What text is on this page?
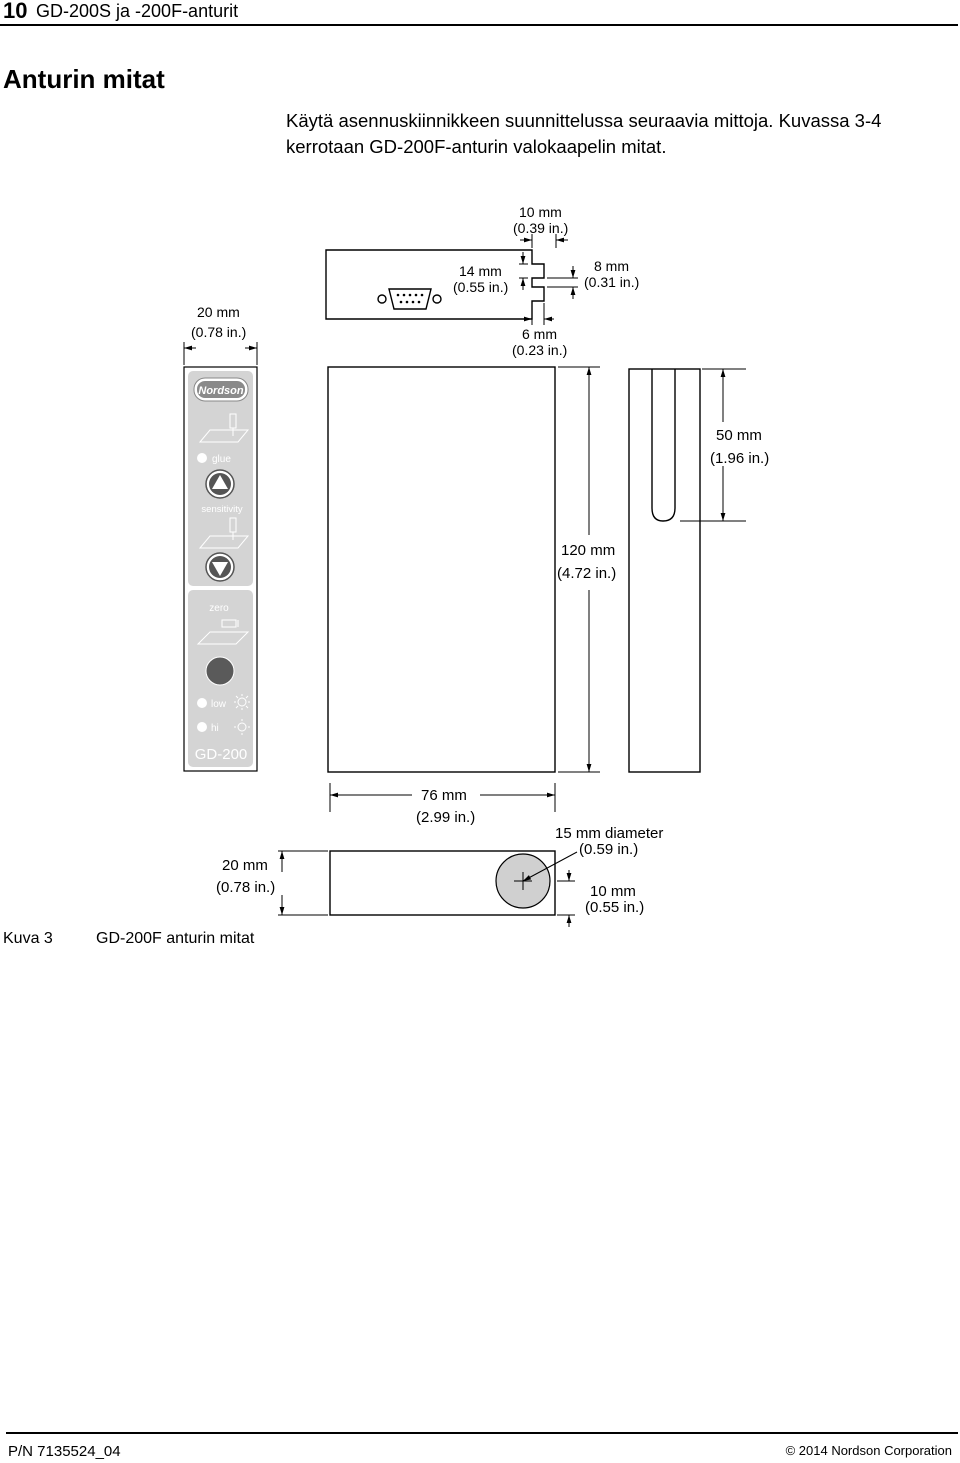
10 GD-200S ja -200F-anturit
Anturin mitat
Käytä asennuskiinnikkeen suunnittelussa seuraavia mittoja. Kuvassa 3-4 kerrotaan GD-200F-anturin valokaapelin mitat.
10 mm
(0.39 in.)
14 mm
(0.55 in.)
8 mm
(0.31 in.)
6 mm
(0.23 in.)
20 mm
(0.78 in.)
Nordson
glue
sensitivity
zero
low
hi
GD-200
120 mm
(4.72 in.)
50 mm
(1.96 in.)
76 mm
(2.99 in.)
15 mm diameter
(0.59 in.)
20 mm
(0.78 in.)	10 mm
(0.55 in.)
Kuva 3	GD-200F anturin mitat
P/N 7135524_04	© 2014 Nordson Corporation
